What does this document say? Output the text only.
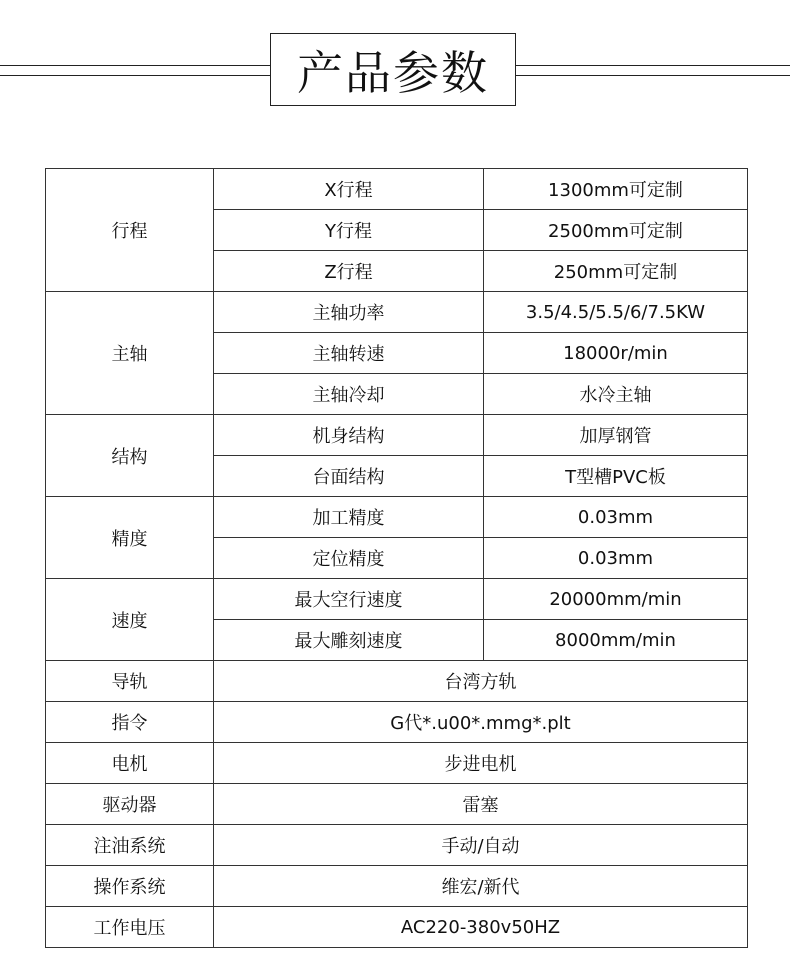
产品参数
行程	X行程	1300mm可定制
	Y行程	2500mm可定制
	Z行程	250mm可定制
主轴	主轴功率	3.5/4.5/5.5/6/7.5KW
	主轴转速	18000r/min
	主轴冷却	水冷主轴
结构	机身结构	加厚钢管
	台面结构	T型槽PVC板
精度	加工精度	0.03mm
	定位精度	0.03mm
速度	最大空行速度	20000mm/min
	最大雕刻速度	8000mm/min
导轨	台湾方轨	
指令	G代*.u00*.mmg*.plt	
电机	步进电机	
驱动器	雷塞	
注油系统	手动/自动	
操作系统	维宏/新代	
工作电压	AC220-380v50HZ	
